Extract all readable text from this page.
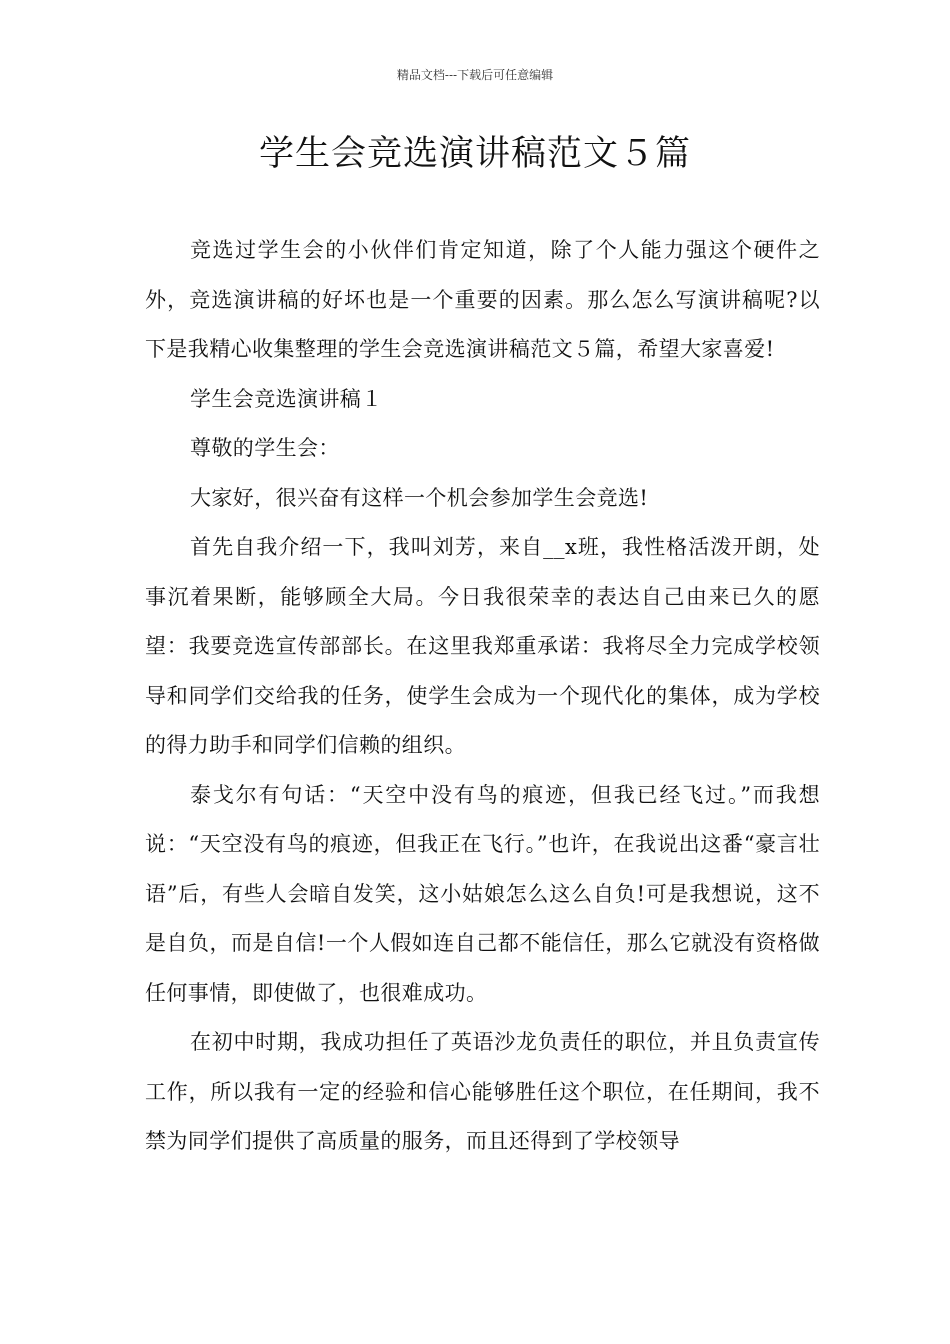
精品文档---下载后可任意编辑
学生会竞选演讲稿范文５篇

竞选过学生会的小伙伴们肯定知道，除了个人能力强这个硬件之外，竞选演讲稿的好坏也是一个重要的因素。那么怎么写演讲稿呢?以下是我精心收集整理的学生会竞选演讲稿范文５篇，希望大家喜爱!

学生会竞选演讲稿１

尊敬的学生会：

大家好，很兴奋有这样一个机会参加学生会竞选!

首先自我介绍一下，我叫刘芳，来自__x班，我性格活泼开朗，处事沉着果断，能够顾全大局。今日我很荣幸的表达自己由来已久的愿望：我要竞选宣传部部长。在这里我郑重承诺：我将尽全力完成学校领导和同学们交给我的任务，使学生会成为一个现代化的集体，成为学校的得力助手和同学们信赖的组织。

泰戈尔有句话：“天空中没有鸟的痕迹，但我已经飞过。”而我想说：“天空没有鸟的痕迹，但我正在飞行。”也许，在我说出这番“豪言壮语”后，有些人会暗自发笑，这小姑娘怎么这么自负!可是我想说，这不是自负，而是自信!一个人假如连自己都不能信任，那么它就没有资格做任何事情，即使做了，也很难成功。

在初中时期，我成功担任了英语沙龙负责任的职位，并且负责宣传工作，所以我有一定的经验和信心能够胜任这个职位，在任期间，我不禁为同学们提供了高质量的服务，而且还得到了学校领导
